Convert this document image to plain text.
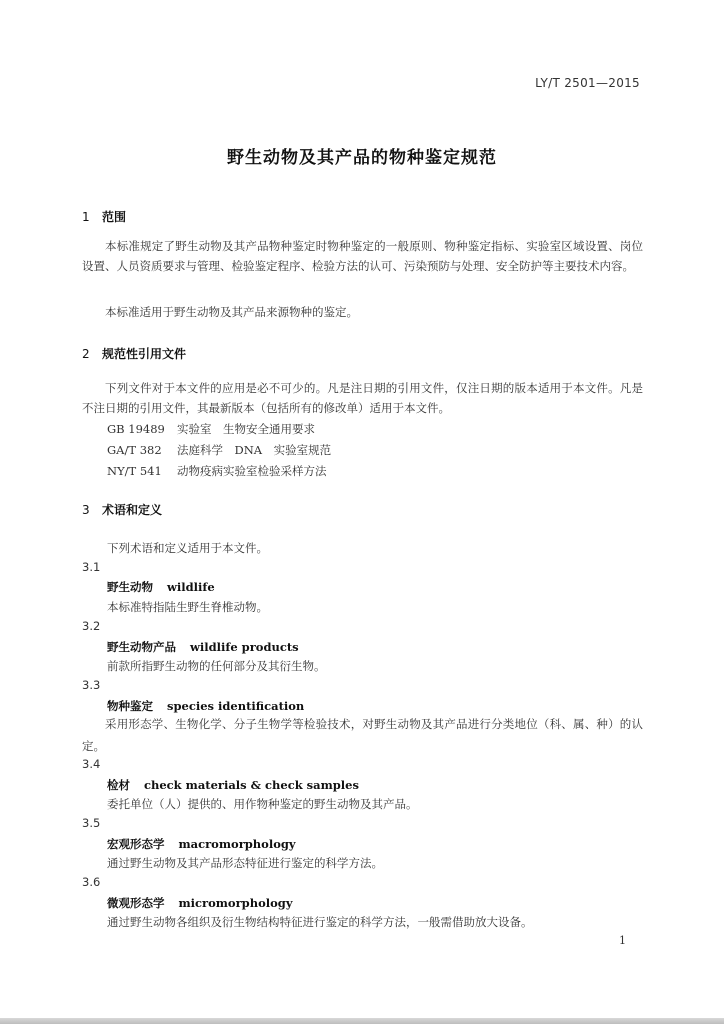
LY/T 2501—2015
野生动物及其产品的物种鉴定规范
1 范围
本标准规定了野生动物及其产品物种鉴定时物种鉴定的一般原则、物种鉴定指标、实验室区域设置、岗位设置、人员资质要求与管理、检验鉴定程序、检验方法的认可、污染预防与处理、安全防护等主要技术内容。
本标准适用于野生动物及其产品来源物种的鉴定。
2 规范性引用文件
下列文件对于本文件的应用是必不可少的。凡是注日期的引用文件，仅注日期的版本适用于本文件。凡是不注日期的引用文件，其最新版本（包括所有的修改单）适用于本文件。
GB 19489 实验室　生物安全通用要求
GA/T 382 法庭科学　DNA　实验室规范
NY/T 541 动物疫病实验室检验采样方法
3 术语和定义
下列术语和定义适用于本文件。
3.1
野生动物 wildlife
本标准特指陆生野生脊椎动物。
3.2
野生动物产品 wildlife products
前款所指野生动物的任何部分及其衍生物。
3.3
物种鉴定 species identification
采用形态学、生物化学、分子生物学等检验技术，对野生动物及其产品进行分类地位（科、属、种）的认定。
3.4
检材 check materials & check samples
委托单位（人）提供的、用作物种鉴定的野生动物及其产品。
3.5
宏观形态学 macromorphology
通过野生动物及其产品形态特征进行鉴定的科学方法。
3.6
微观形态学 micromorphology
通过野生动物各组织及衍生物结构特征进行鉴定的科学方法，一般需借助放大设备。
1
